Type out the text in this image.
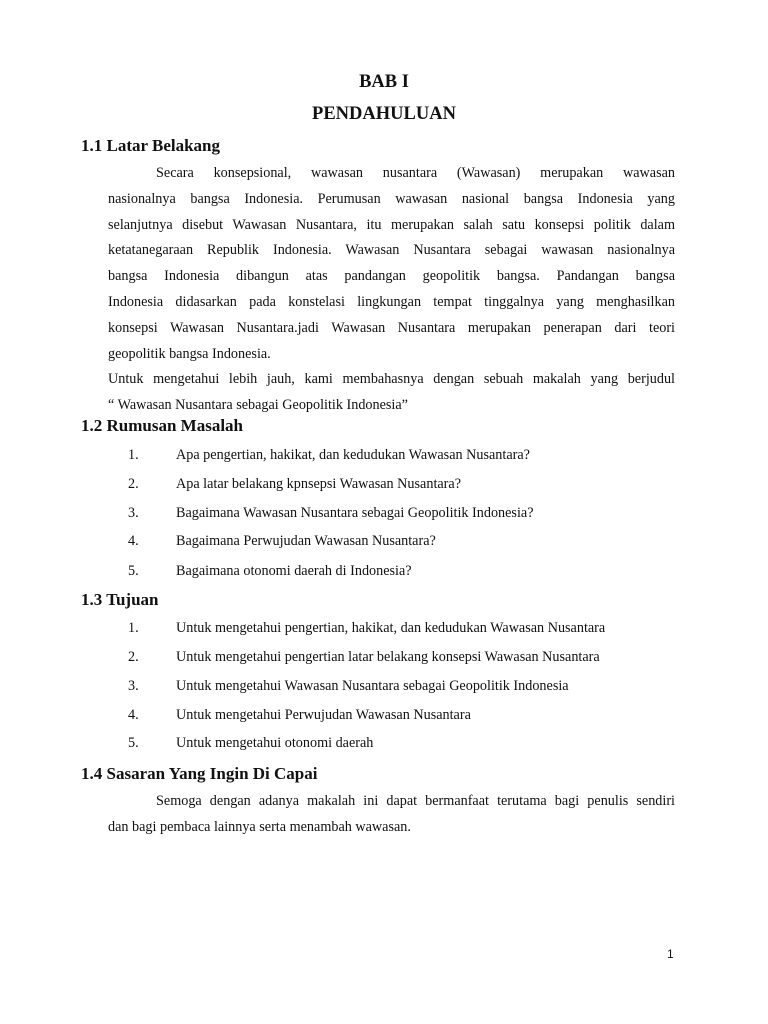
BAB I
PENDAHULUAN
1.1 Latar Belakang
Secara konsepsional, wawasan nusantara (Wawasan) merupakan wawasan
nasionalnya bangsa Indonesia. Perumusan wawasan nasional bangsa Indonesia yang
selanjutnya disebut Wawasan Nusantara, itu merupakan salah satu konsepsi politik dalam
ketatanegaraan Republik Indonesia. Wawasan Nusantara sebagai wawasan nasionalnya
bangsa Indonesia dibangun atas pandangan geopolitik bangsa. Pandangan bangsa
Indonesia didasarkan pada konstelasi lingkungan tempat tinggalnya yang menghasilkan
konsepsi Wawasan Nusantara.jadi Wawasan Nusantara merupakan penerapan dari teori
geopolitik bangsa Indonesia.
Untuk mengetahui lebih jauh, kami membahasnya dengan sebuah makalah yang berjudul
“ Wawasan Nusantara sebagai Geopolitik Indonesia”
1.2 Rumusan Masalah
1.	Apa pengertian, hakikat, dan kedudukan Wawasan Nusantara?
2.	Apa latar belakang kpnsepsi Wawasan Nusantara?
3.	Bagaimana Wawasan Nusantara sebagai Geopolitik Indonesia?
4.	Bagaimana Perwujudan Wawasan Nusantara?
5.	Bagaimana otonomi daerah di Indonesia?
1.3 Tujuan
1.	Untuk mengetahui pengertian, hakikat, dan kedudukan Wawasan Nusantara
2.	Untuk mengetahui pengertian latar belakang konsepsi Wawasan Nusantara
3.	Untuk mengetahui Wawasan Nusantara sebagai Geopolitik Indonesia
4.	Untuk mengetahui Perwujudan Wawasan Nusantara
5.	Untuk mengetahui otonomi daerah
1.4 Sasaran Yang Ingin Di Capai
Semoga dengan adanya makalah ini dapat bermanfaat terutama bagi penulis sendiri
dan bagi pembaca lainnya serta menambah wawasan.

1
